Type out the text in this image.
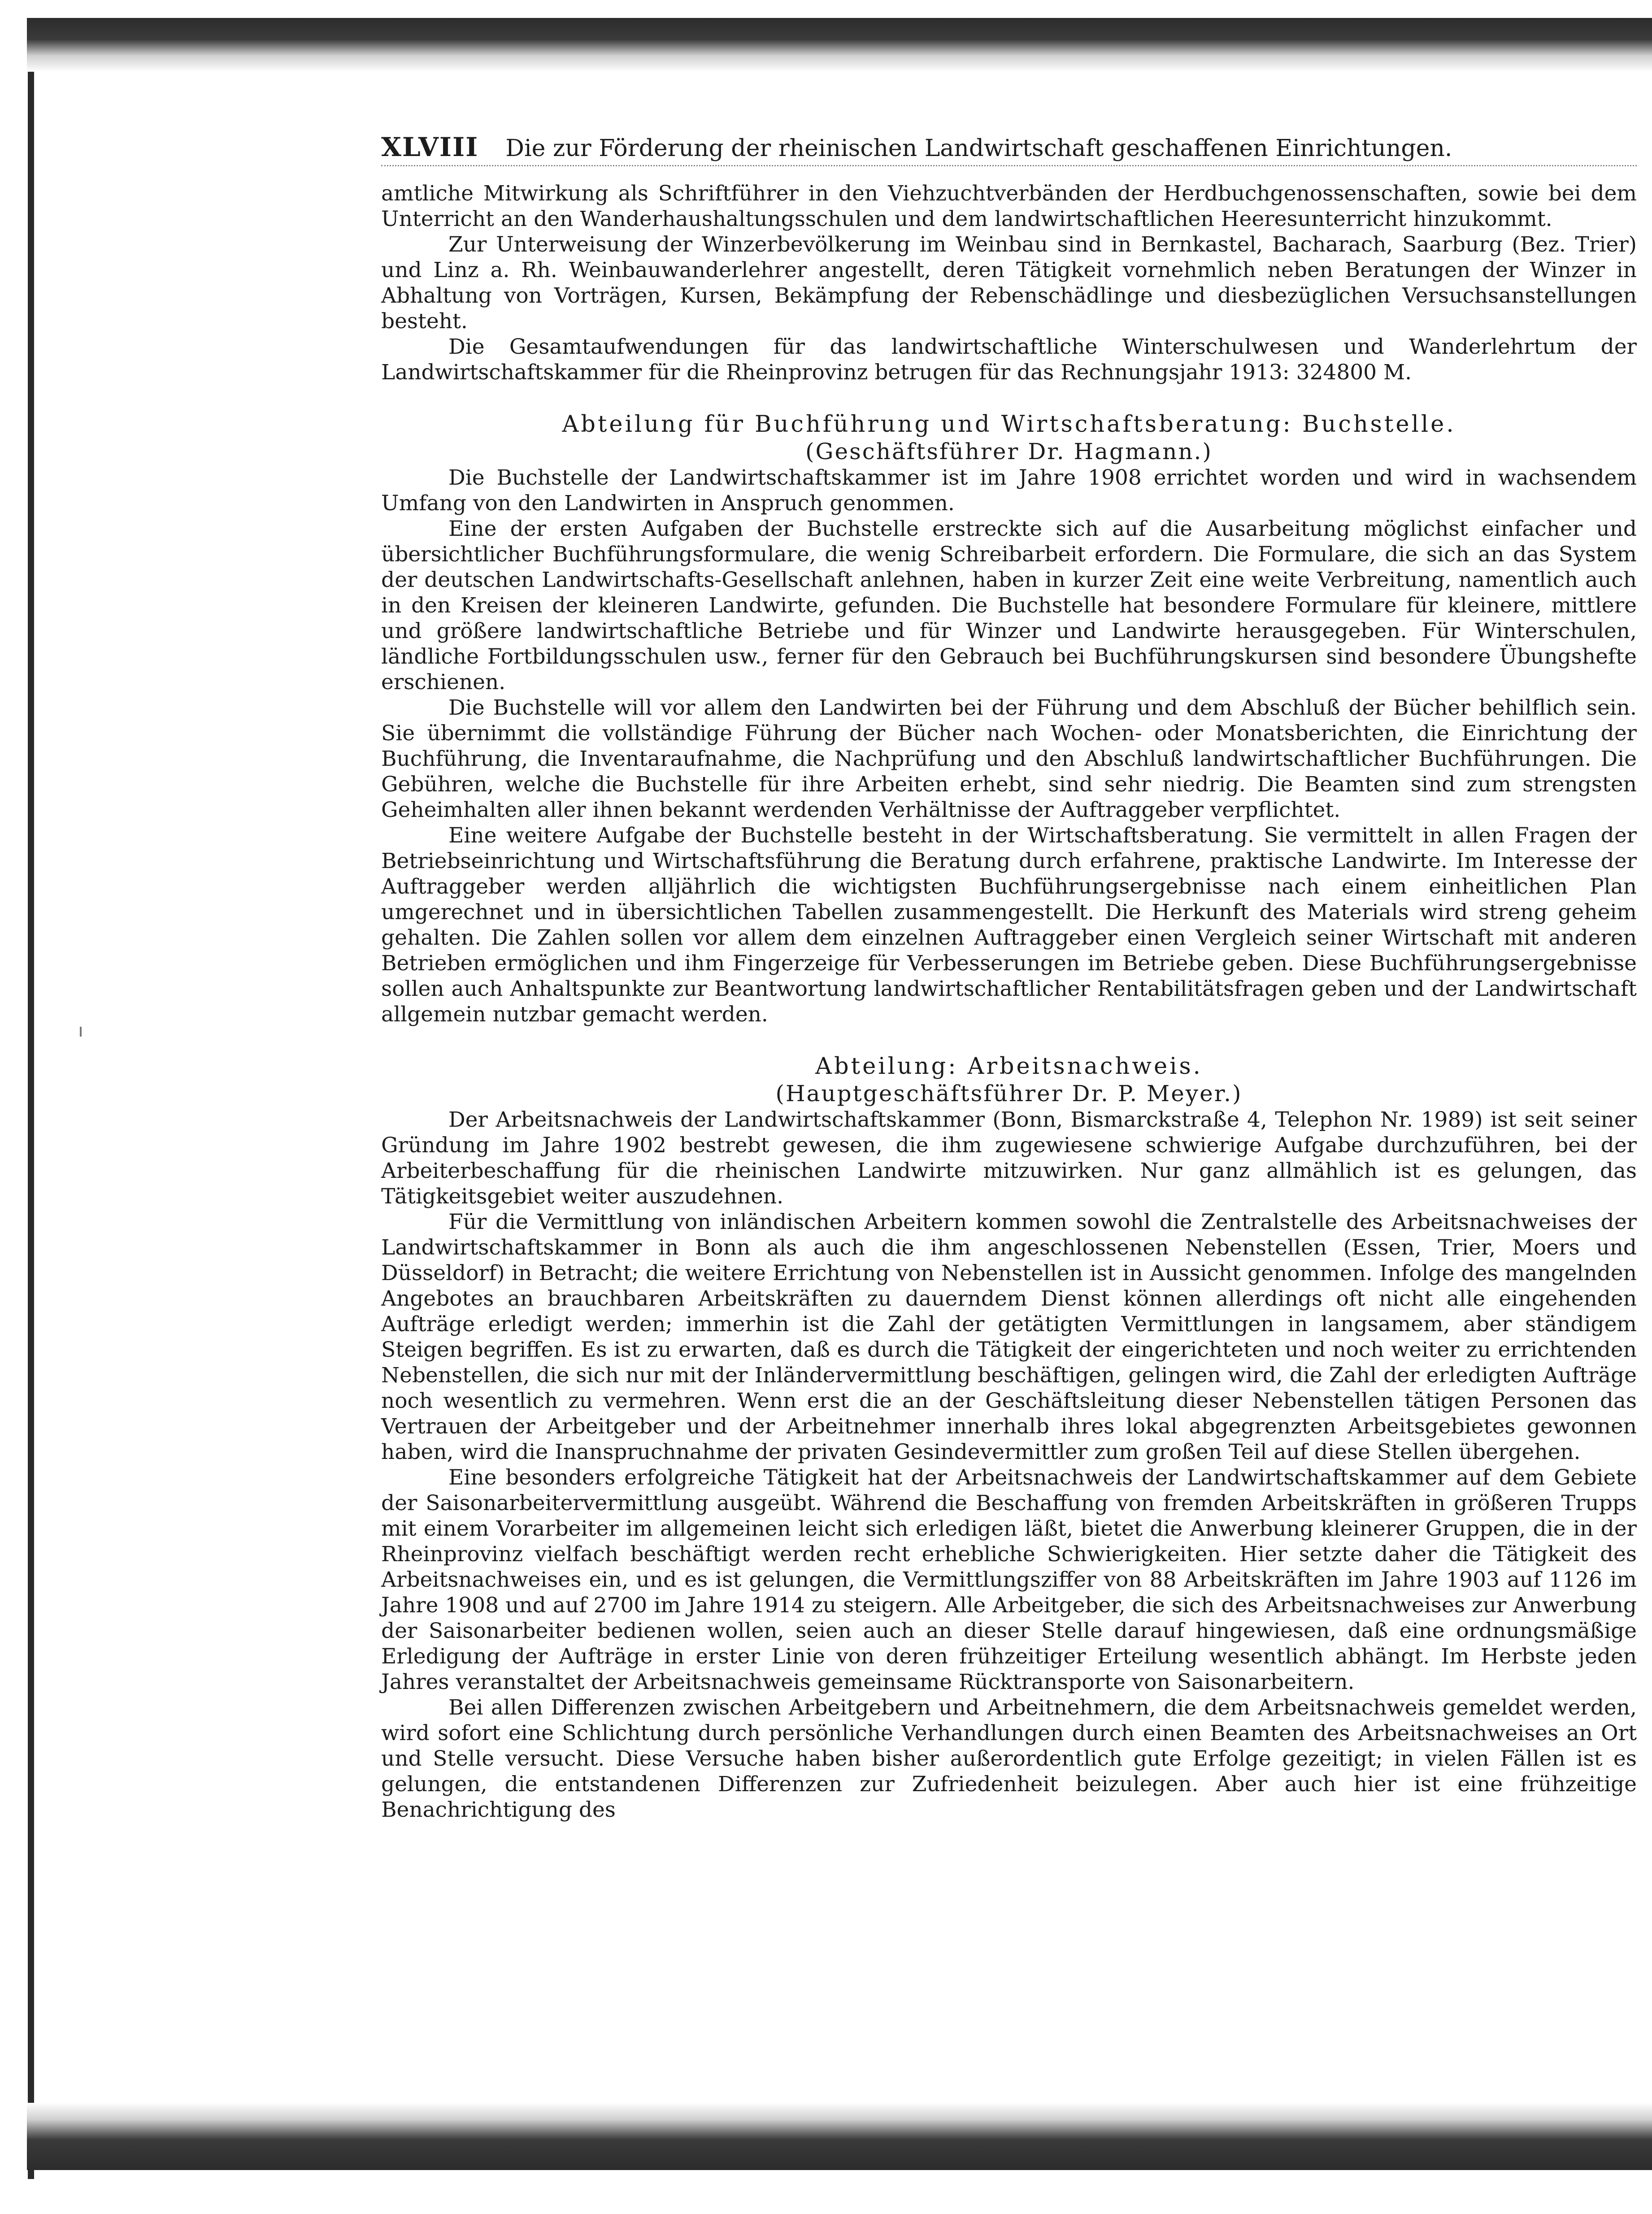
XLVIII Die zur Förderung der rheinischen Landwirtschaft geschaffenen Einrichtungen.

amtliche Mitwirkung als Schriftführer in den Viehzuchtverbänden der Herdbuchgenossenschaften, sowie bei dem Unterricht an den Wanderhaushaltungsschulen und dem landwirtschaftlichen Heeresunterricht hinzukommt.

Zur Unterweisung der Winzerbevölkerung im Weinbau sind in Bernkastel, Bacharach, Saarburg (Bez. Trier) und Linz a. Rh. Weinbauwanderlehrer angestellt, deren Tätigkeit vornehmlich neben Beratungen der Winzer in Abhaltung von Vorträgen, Kursen, Bekämpfung der Rebenschädlinge und diesbezüglichen Versuchsanstellungen besteht.

Die Gesamtaufwendungen für das landwirtschaftliche Winterschulwesen und Wanderlehrtum der Landwirtschaftskammer für die Rheinprovinz betrugen für das Rechnungsjahr 1913: 324800 M.

Abteilung für Buchführung und Wirtschaftsberatung: Buchstelle.
(Geschäftsführer Dr. Hagmann.)

Die Buchstelle der Landwirtschaftskammer ist im Jahre 1908 errichtet worden und wird in wachsendem Umfang von den Landwirten in Anspruch genommen.

Eine der ersten Aufgaben der Buchstelle erstreckte sich auf die Ausarbeitung möglichst einfacher und übersichtlicher Buchführungsformulare, die wenig Schreibarbeit erfordern. Die Formulare, die sich an das System der deutschen Landwirtschafts-Gesellschaft anlehnen, haben in kurzer Zeit eine weite Verbreitung, namentlich auch in den Kreisen der kleineren Landwirte, gefunden. Die Buchstelle hat besondere Formulare für kleinere, mittlere und größere landwirtschaftliche Betriebe und für Winzer und Landwirte herausgegeben. Für Winterschulen, ländliche Fortbildungsschulen usw., ferner für den Gebrauch bei Buchführungskursen sind besondere Übungshefte erschienen.

Die Buchstelle will vor allem den Landwirten bei der Führung und dem Abschluß der Bücher behilflich sein. Sie übernimmt die vollständige Führung der Bücher nach Wochen- oder Monatsberichten, die Einrichtung der Buchführung, die Inventaraufnahme, die Nachprüfung und den Abschluß landwirtschaftlicher Buchführungen. Die Gebühren, welche die Buchstelle für ihre Arbeiten erhebt, sind sehr niedrig. Die Beamten sind zum strengsten Geheimhalten aller ihnen bekannt werdenden Verhältnisse der Auftraggeber verpflichtet.

Eine weitere Aufgabe der Buchstelle besteht in der Wirtschaftsberatung. Sie vermittelt in allen Fragen der Betriebseinrichtung und Wirtschaftsführung die Beratung durch erfahrene, praktische Landwirte. Im Interesse der Auftraggeber werden alljährlich die wichtigsten Buchführungsergebnisse nach einem einheitlichen Plan umgerechnet und in übersichtlichen Tabellen zusammengestellt. Die Herkunft des Materials wird streng geheim gehalten. Die Zahlen sollen vor allem dem einzelnen Auftraggeber einen Vergleich seiner Wirtschaft mit anderen Betrieben ermöglichen und ihm Fingerzeige für Verbesserungen im Betriebe geben. Diese Buchführungsergebnisse sollen auch Anhaltspunkte zur Beantwortung landwirtschaftlicher Rentabilitätsfragen geben und der Landwirtschaft allgemein nutzbar gemacht werden.

Abteilung: Arbeitsnachweis.
(Hauptgeschäftsführer Dr. P. Meyer.)

Der Arbeitsnachweis der Landwirtschaftskammer (Bonn, Bismarckstraße 4, Telephon Nr. 1989) ist seit seiner Gründung im Jahre 1902 bestrebt gewesen, die ihm zugewiesene schwierige Aufgabe durchzuführen, bei der Arbeiterbeschaffung für die rheinischen Landwirte mitzuwirken. Nur ganz allmählich ist es gelungen, das Tätigkeitsgebiet weiter auszudehnen.

Für die Vermittlung von inländischen Arbeitern kommen sowohl die Zentralstelle des Arbeitsnachweises der Landwirtschaftskammer in Bonn als auch die ihm angeschlossenen Nebenstellen (Essen, Trier, Moers und Düsseldorf) in Betracht; die weitere Errichtung von Nebenstellen ist in Aussicht genommen. Infolge des mangelnden Angebotes an brauchbaren Arbeitskräften zu dauerndem Dienst können allerdings oft nicht alle eingehenden Aufträge erledigt werden; immerhin ist die Zahl der getätigten Vermittlungen in langsamem, aber ständigem Steigen begriffen. Es ist zu erwarten, daß es durch die Tätigkeit der eingerichteten und noch weiter zu errichtenden Nebenstellen, die sich nur mit der Inländervermittlung beschäftigen, gelingen wird, die Zahl der erledigten Aufträge noch wesentlich zu vermehren. Wenn erst die an der Geschäftsleitung dieser Nebenstellen tätigen Personen das Vertrauen der Arbeitgeber und der Arbeitnehmer innerhalb ihres lokal abgegrenzten Arbeitsgebietes gewonnen haben, wird die Inanspruchnahme der privaten Gesindevermittler zum großen Teil auf diese Stellen übergehen.

Eine besonders erfolgreiche Tätigkeit hat der Arbeitsnachweis der Landwirtschaftskammer auf dem Gebiete der Saisonarbeitervermittlung ausgeübt. Während die Beschaffung von fremden Arbeitskräften in größeren Trupps mit einem Vorarbeiter im allgemeinen leicht sich erledigen läßt, bietet die Anwerbung kleinerer Gruppen, die in der Rheinprovinz vielfach beschäftigt werden recht erhebliche Schwierigkeiten. Hier setzte daher die Tätigkeit des Arbeitsnachweises ein, und es ist gelungen, die Vermittlungsziffer von 88 Arbeitskräften im Jahre 1903 auf 1126 im Jahre 1908 und auf 2700 im Jahre 1914 zu steigern. Alle Arbeitgeber, die sich des Arbeitsnachweises zur Anwerbung der Saisonarbeiter bedienen wollen, seien auch an dieser Stelle darauf hingewiesen, daß eine ordnungsmäßige Erledigung der Aufträge in erster Linie von deren frühzeitiger Erteilung wesentlich abhängt. Im Herbste jeden Jahres veranstaltet der Arbeitsnachweis gemeinsame Rücktransporte von Saisonarbeitern.

Bei allen Differenzen zwischen Arbeitgebern und Arbeitnehmern, die dem Arbeitsnachweis gemeldet werden, wird sofort eine Schlichtung durch persönliche Verhandlungen durch einen Beamten des Arbeitsnachweises an Ort und Stelle versucht. Diese Versuche haben bisher außerordentlich gute Erfolge gezeitigt; in vielen Fällen ist es gelungen, die entstandenen Differenzen zur Zufriedenheit beizulegen. Aber auch hier ist eine frühzeitige Benachrichtigung des
